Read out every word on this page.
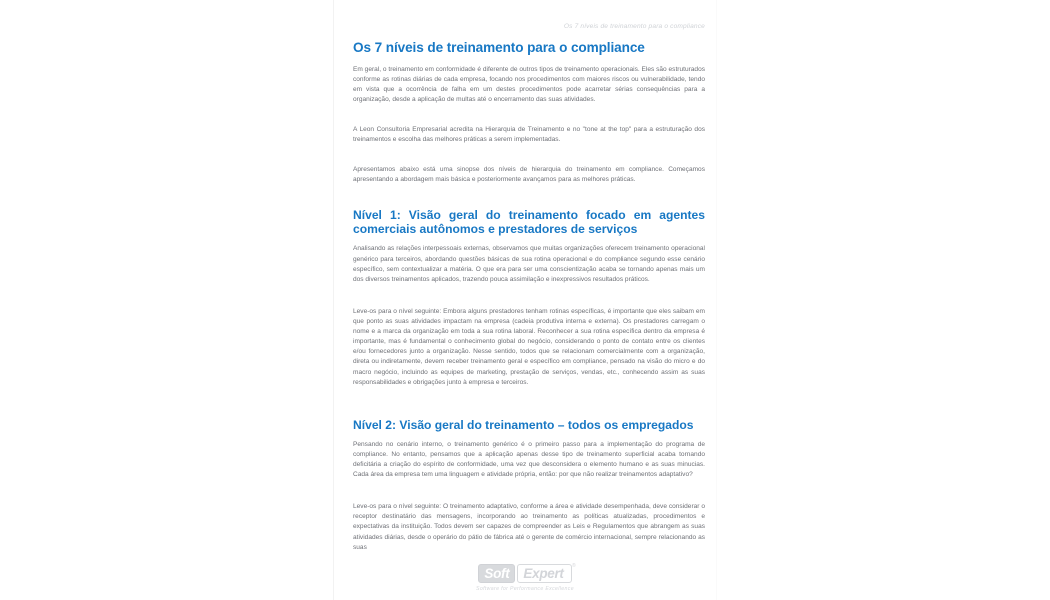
Os 7 níveis de treinamento para o compliance
Os 7 níveis de treinamento para o compliance

Em geral, o treinamento em conformidade é diferente de outros tipos de treinamento operacionais. Eles são estruturados conforme as rotinas diárias de cada empresa, focando nos procedimentos com maiores riscos ou vulnerabilidade, tendo em vista que a ocorrência de falha em um destes procedimentos pode acarretar sérias consequências para a organização, desde a aplicação de multas até o encerramento das suas atividades.

A Leon Consultoria Empresarial acredita na Hierarquia de Treinamento e no "tone at the top" para a estruturação dos treinamentos e escolha das melhores práticas a serem implementadas.

Apresentamos abaixo está uma sinopse dos níveis de hierarquia do treinamento em compliance. Começamos apresentando a abordagem mais básica e posteriormente avançamos para as melhores práticas.

Nível 1: Visão geral do treinamento focado em agentes comerciais autônomos e prestadores de serviços

Analisando as relações interpessoais externas, observamos que muitas organizações oferecem treinamento operacional genérico para terceiros, abordando questões básicas de sua rotina operacional e do compliance segundo esse cenário específico, sem contextualizar a matéria. O que era para ser uma conscientização acaba se tornando apenas mais um dos diversos treinamentos aplicados, trazendo pouca assimilação e inexpressivos resultados práticos.

Leve-os para o nível seguinte: Embora alguns prestadores tenham rotinas específicas, é importante que eles saibam em que ponto as suas atividades impactam na empresa (cadeia produtiva interna e externa). Os prestadores carregam o nome e a marca da organização em toda a sua rotina laboral. Reconhecer a sua rotina específica dentro da empresa é importante, mas é fundamental o conhecimento global do negócio, considerando o ponto de contato entre os clientes e/ou fornecedores junto a organização. Nesse sentido, todos que se relacionam comercialmente com a organização, direta ou indiretamente, devem receber treinamento geral e específico em compliance, pensado na visão do micro e do macro negócio, incluindo as equipes de marketing, prestação de serviços, vendas, etc., conhecendo assim as suas responsabilidades e obrigações junto à empresa e terceiros.

Nível 2: Visão geral do treinamento – todos os empregados

Pensando no cenário interno, o treinamento genérico é o primeiro passo para a implementação do programa de compliance. No entanto, pensamos que a aplicação apenas desse tipo de treinamento superficial acaba tornando deficitária a criação do espírito de conformidade, uma vez que desconsidera o elemento humano e as suas minucias. Cada área da empresa tem uma linguagem e atividade própria, então: por que não realizar treinamentos adaptativo?

Leve-os para o nível seguinte: O treinamento adaptativo, conforme a área e atividade desempenhada, deve considerar o receptor destinatário das mensagens, incorporando ao treinamento as políticas atualizadas, procedimentos e expectativas da instituição. Todos devem ser capazes de compreender as Leis e Regulamentos que abrangem as suas atividades diárias, desde o operário do pátio de fábrica até o gerente de comércio internacional, sempre relacionando as suas

Soft	Expert	®
Software for Performance Excellence
